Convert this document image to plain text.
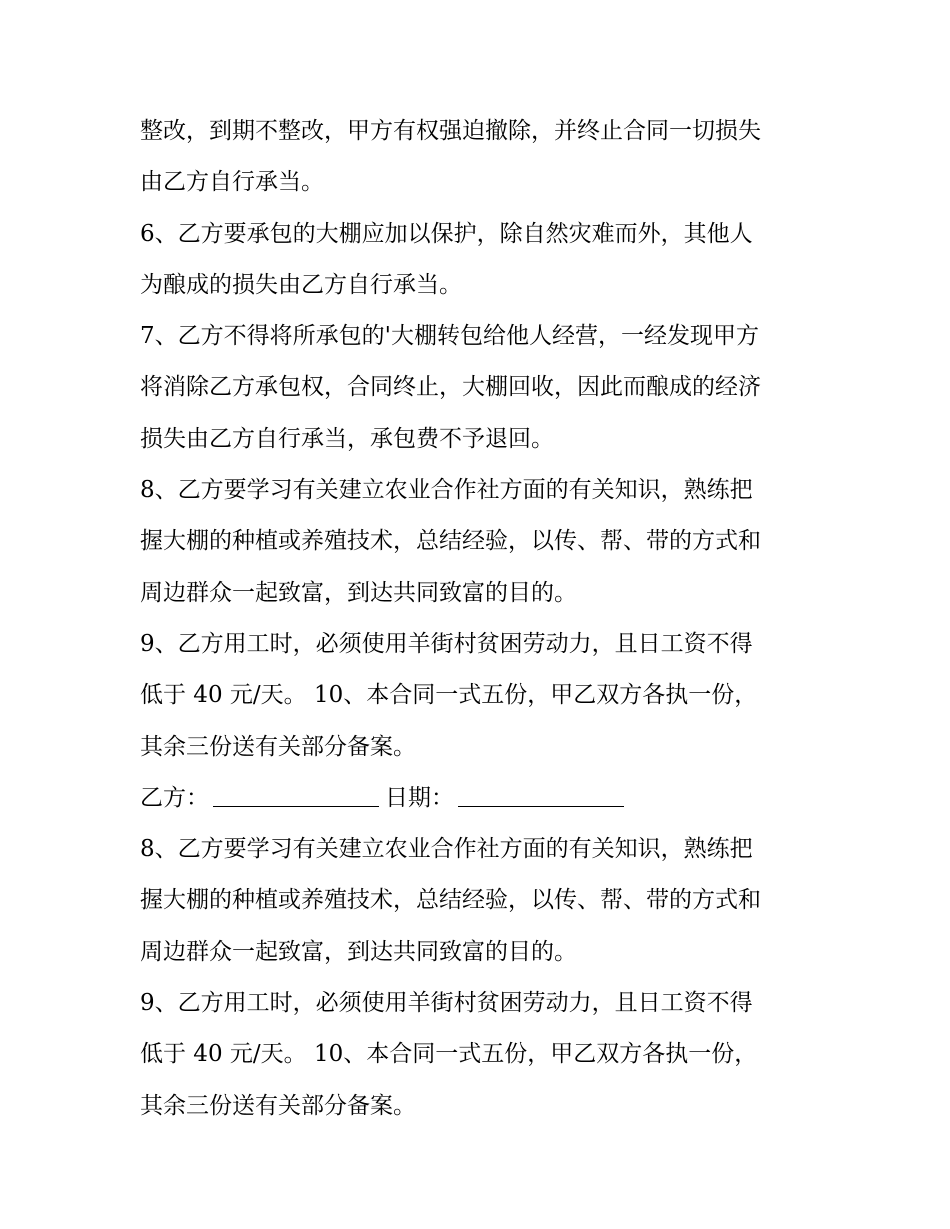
整改，到期不整改，甲方有权强迫撤除，并终止合同一切损失
由乙方自行承当。
6、乙方要承包的大棚应加以保护，除自然灾难而外，其他人
为酿成的损失由乙方自行承当。
7、乙方不得将所承包的'大棚转包给他人经营，一经发现甲方
将消除乙方承包权，合同终止，大棚回收，因此而酿成的经济
损失由乙方自行承当，承包费不予退回。
8、乙方要学习有关建立农业合作社方面的有关知识，熟练把
握大棚的种植或养殖技术，总结经验，以传、帮、带的方式和
周边群众一起致富，到达共同致富的目的。
9、乙方用工时，必须使用羊街村贫困劳动力，且日工资不得
低于 40 元/天。 10、本合同一式五份，甲乙双方各执一份，
其余三份送有关部分备案。
乙方：	日期：
8、乙方要学习有关建立农业合作社方面的有关知识，熟练把
握大棚的种植或养殖技术，总结经验，以传、帮、带的方式和
周边群众一起致富，到达共同致富的目的。
9、乙方用工时，必须使用羊街村贫困劳动力，且日工资不得
低于 40 元/天。 10、本合同一式五份，甲乙双方各执一份，
其余三份送有关部分备案。
